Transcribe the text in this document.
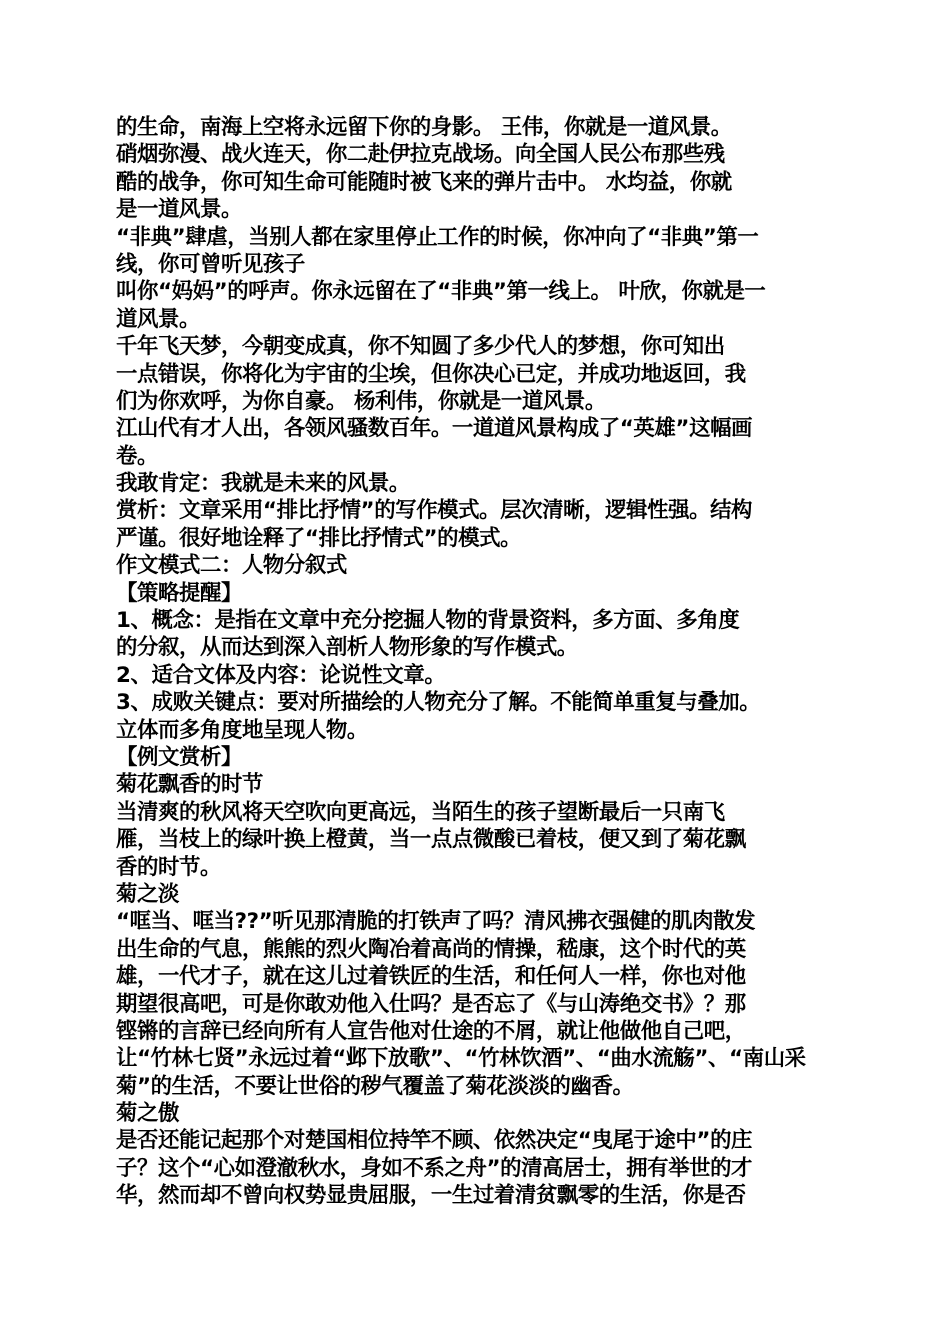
的生命，南海上空将永远留下你的身影。 王伟，你就是一道风景。
硝烟弥漫、战火连天，你二赴伊拉克战场。向全国人民公布那些残
酷的战争，你可知生命可能随时被飞来的弹片击中。 水均益，你就
是一道风景。
“非典”肆虐，当别人都在家里停止工作的时候，你冲向了“非典”第一
线，你可曾听见孩子
叫你“妈妈”的呼声。你永远留在了“非典”第一线上。 叶欣，你就是一
道风景。
千年飞天梦，今朝变成真，你不知圆了多少代人的梦想，你可知出
一点错误，你将化为宇宙的尘埃，但你决心已定，并成功地返回，我
们为你欢呼，为你自豪。 杨利伟，你就是一道风景。
江山代有才人出，各领风骚数百年。一道道风景构成了“英雄”这幅画
卷。
我敢肯定：我就是未来的风景。
赏析：文章采用“排比抒情”的写作模式。层次清晰，逻辑性强。结构
严谨。很好地诠释了“排比抒情式”的模式。
作文模式二：人物分叙式
【策略提醒】
1、概念：是指在文章中充分挖掘人物的背景资料，多方面、多角度
的分叙，从而达到深入剖析人物形象的写作模式。
2、适合文体及内容：论说性文章。
3、成败关键点：要对所描绘的人物充分了解。不能简单重复与叠加。
立体而多角度地呈现人物。
【例文赏析】
菊花飘香的时节
当清爽的秋风将天空吹向更高远，当陌生的孩子望断最后一只南飞
雁，当枝上的绿叶换上橙黄，当一点点微酸已着枝，便又到了菊花飘
香的时节。
菊之淡
“哐当、哐当??”听见那清脆的打铁声了吗？清风拂衣强健的肌肉散发
出生命的气息，熊熊的烈火陶冶着高尚的情操，嵇康，这个时代的英
雄，一代才子，就在这儿过着铁匠的生活，和任何人一样，你也对他
期望很高吧，可是你敢劝他入仕吗？是否忘了《与山涛绝交书》？那
铿锵的言辞已经向所有人宣告他对仕途的不屑，就让他做他自己吧，
让“竹林七贤”永远过着“邺下放歌”、“竹林饮酒”、“曲水流觞”、“南山采
菊”的生活，不要让世俗的秽气覆盖了菊花淡淡的幽香。
菊之傲
是否还能记起那个对楚国相位持竿不顾、依然决定“曳尾于途中”的庄
子？这个“心如澄澈秋水，身如不系之舟”的清高居士，拥有举世的才
华，然而却不曾向权势显贵屈服，一生过着清贫飘零的生活，你是否
